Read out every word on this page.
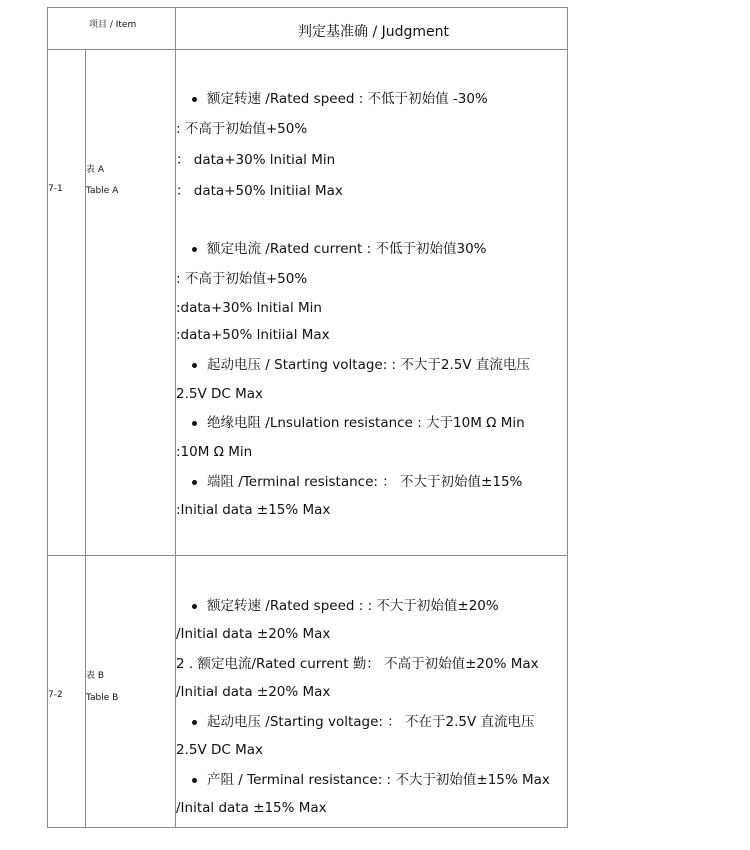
项目 / Item	判定基准确 / Judgment
7-1
表 A
Table A
额定转速 /Rated speed : 不低于初始值 -30%
: 不高于初始值+50%
： data+30% lnitial Min
： data+50% lnitiial Max
额定电流 /Rated current : 不低于初始值30%
: 不高于初始值+50%
:data+30% lnitial Min
:data+50% lnitiial Max
起动电压 / Starting voltage: : 不大于2.5V 直流电压
2.5V DC Max
绝缘电阻 /Lnsulation resistance : 大于10M Ω Min
:10M Ω Min
端阻 /Terminal resistance: ： 不大于初始值±15%
:Initial data ±15% Max
7-2
表 B
Table B
额定转速 /Rated speed : : 不大于初始值±20%
/Initial data ±20% Max
2 . 额定电流/Rated current 勤： 不高于初始值±20% Max
/Initial data ±20% Max
起动电压 /Starting voltage: ： 不在于2.5V 直流电压
2.5V DC Max
产阻 / Terminal resistance: : 不大于初始值±15% Max
/Inital data ±15% Max
